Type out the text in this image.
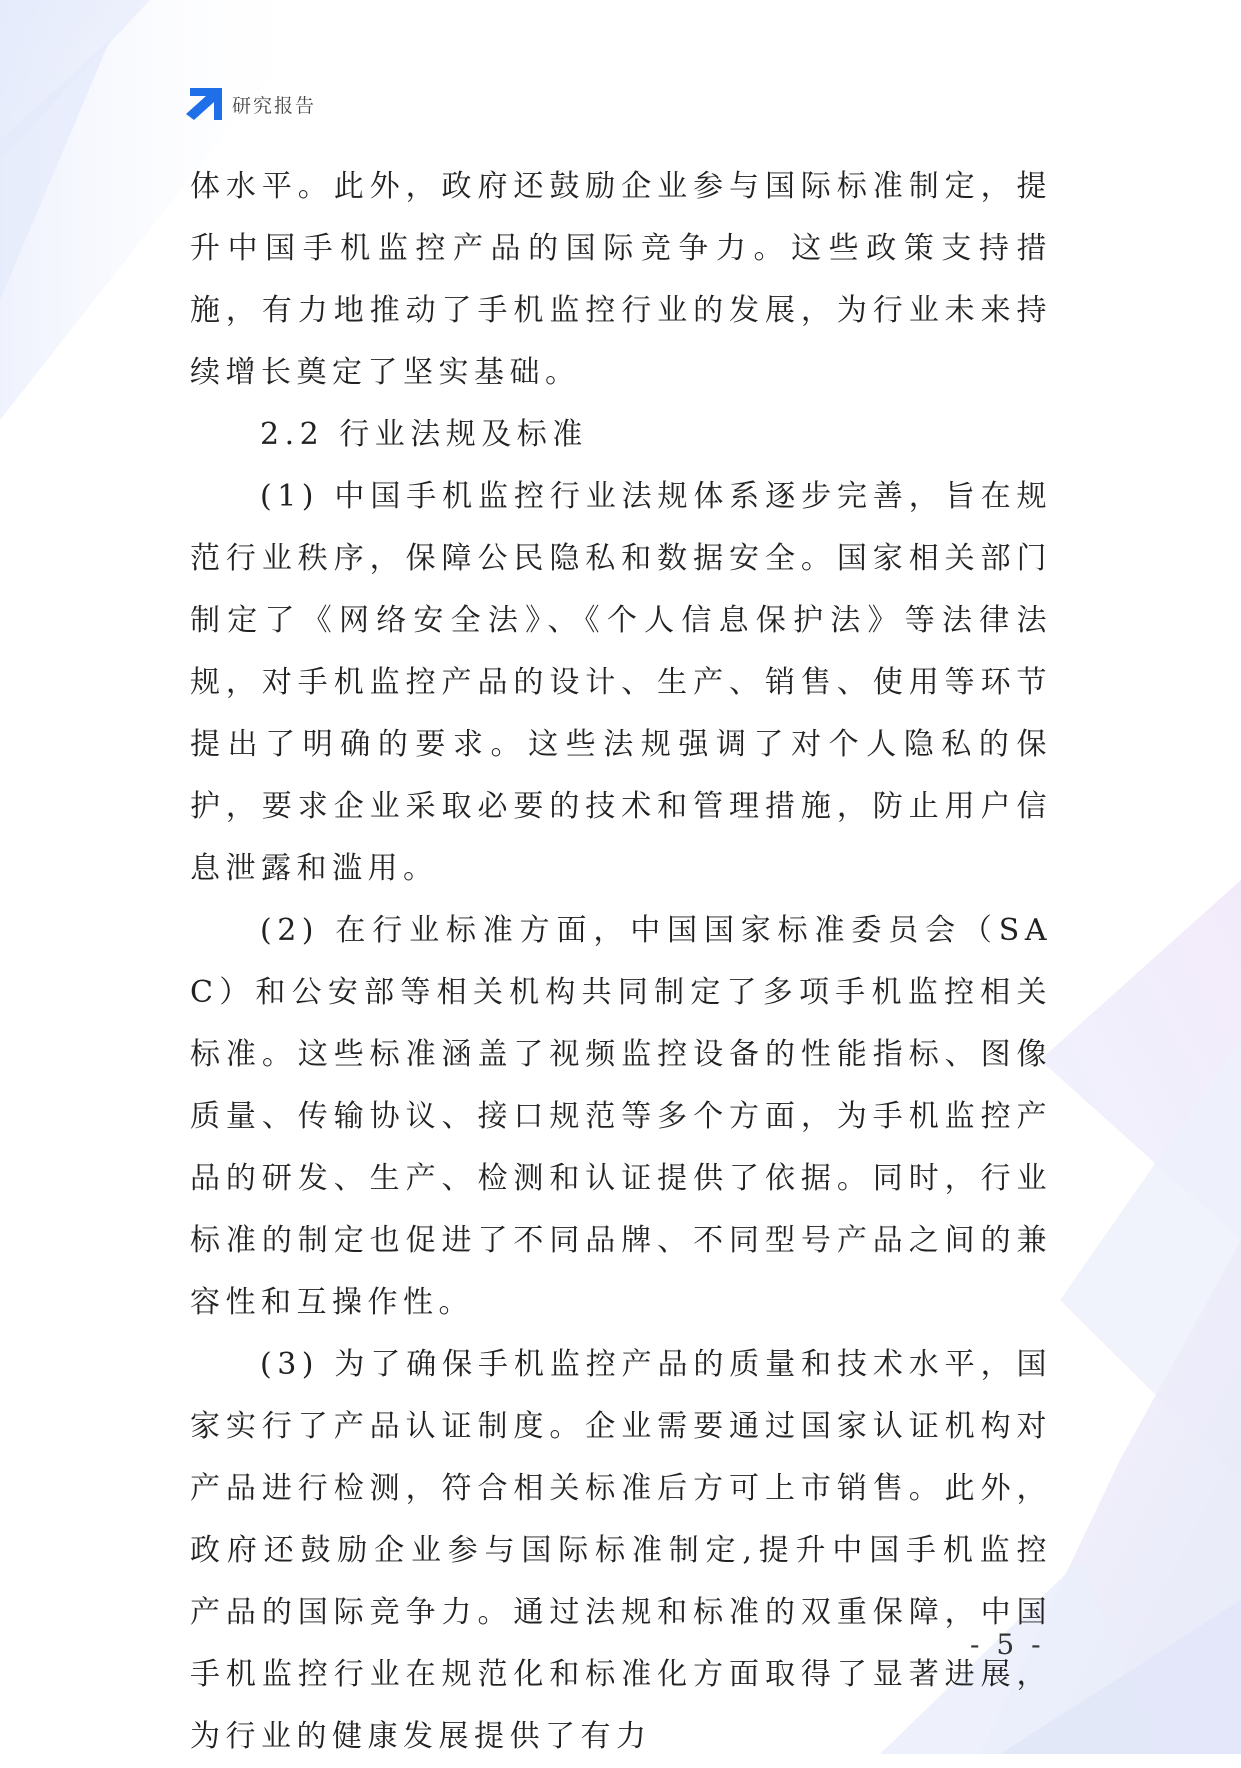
研究报告

体水平。此外，政府还鼓励企业参与国际标准制定，提升中国手机监控产品的国际竞争力。这些政策支持措施，有力地推动了手机监控行业的发展，为行业未来持续增长奠定了坚实基础。

2.2 行业法规及标准

(1) 中国手机监控行业法规体系逐步完善，旨在规范行业秩序，保障公民隐私和数据安全。国家相关部门制定了《网络安全法》、《个人信息保护法》等法律法规，对手机监控产品的设计、生产、销售、使用等环节提出了明确的要求。这些法规强调了对个人隐私的保护，要求企业采取必要的技术和管理措施，防止用户信息泄露和滥用。

(2) 在行业标准方面，中国国家标准委员会（SAC）和公安部等相关机构共同制定了多项手机监控相关标准。这些标准涵盖了视频监控设备的性能指标、图像质量、传输协议、接口规范等多个方面，为手机监控产品的研发、生产、检测和认证提供了依据。同时，行业标准的制定也促进了不同品牌、不同型号产品之间的兼容性和互操作性。

(3) 为了确保手机监控产品的质量和技术水平，国家实行了产品认证制度。企业需要通过国家认证机构对产品进行检测，符合相关标准后方可上市销售。此外，政府还鼓励企业参与国际标准制定,提升中国手机监控产品的国际竞争力。通过法规和标准的双重保障，中国手机监控行业在规范化和标准化方面取得了显著进展，为行业的健康发展提供了有力

- 5 -
